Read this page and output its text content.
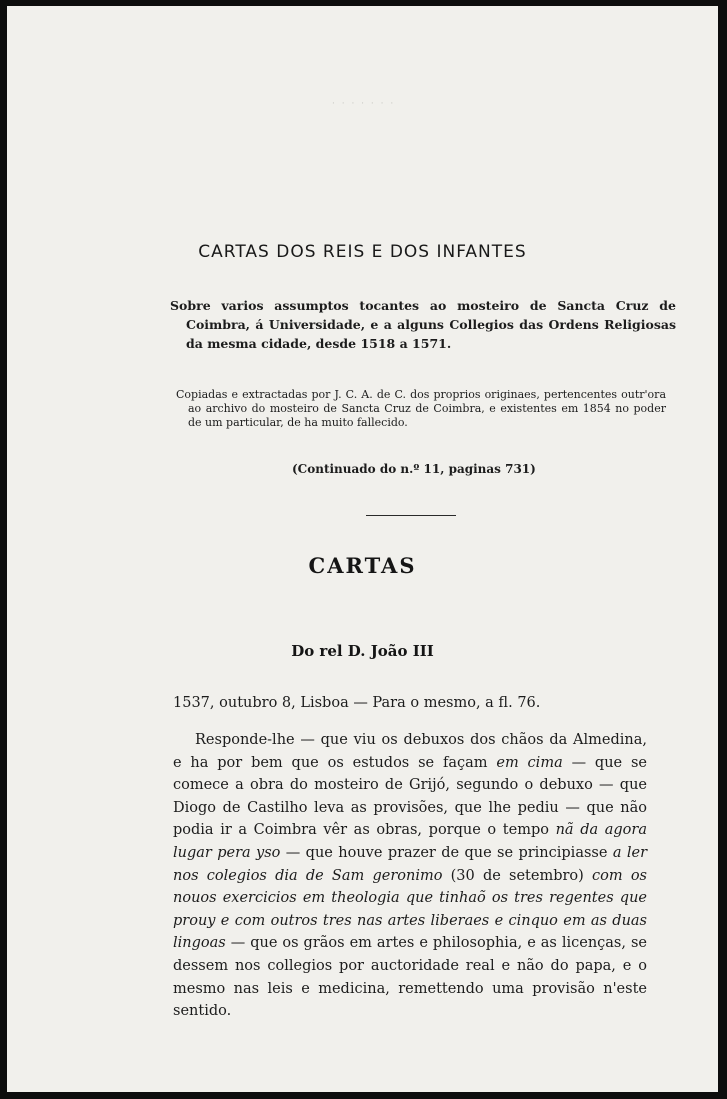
· · · · · · ·
CARTAS DOS REIS E DOS INFANTES
Sobre varios assumptos tocantes ao mosteiro de Sancta Cruz de Coimbra, á Universidade, e a alguns Collegios das Ordens Religiosas da mesma cidade, desde 1518 a 1571.
Copiadas e extractadas por J. C. A. de C. dos proprios originaes, pertencentes outr'ora ao archivo do mosteiro de Sancta Cruz de Coimbra, e existentes em 1854 no poder de um particular, de ha muito fallecido.
(Continuado do n.º 11, paginas 731)
CARTAS
Do rel D. João III
1537, outubro 8, Lisboa — Para o mesmo, a fl. 76.
Responde-lhe — que viu os debuxos dos chãos da Almedina, e ha por bem que os estudos se façam em cima — que se comece a obra do mosteiro de Grijó, segundo o debuxo — que Diogo de Castilho leva as provisões, que lhe pediu — que não podia ir a Coimbra vêr as obras, porque o tempo nã da agora lugar pera yso — que houve prazer de que se principiasse a ler nos colegios dia de Sam geronimo (30 de setembro) com os nouos exercicios em theologia que tinhaõ os tres regentes que prouy e com outros tres nas artes liberaes e cinquo em as duas lingoas — que os grãos em artes e philosophia, e as licenças, se dessem nos collegios por auctoridade real e não do papa, e o mesmo nas leis e medicina, remettendo uma provisão n'este sentido.
